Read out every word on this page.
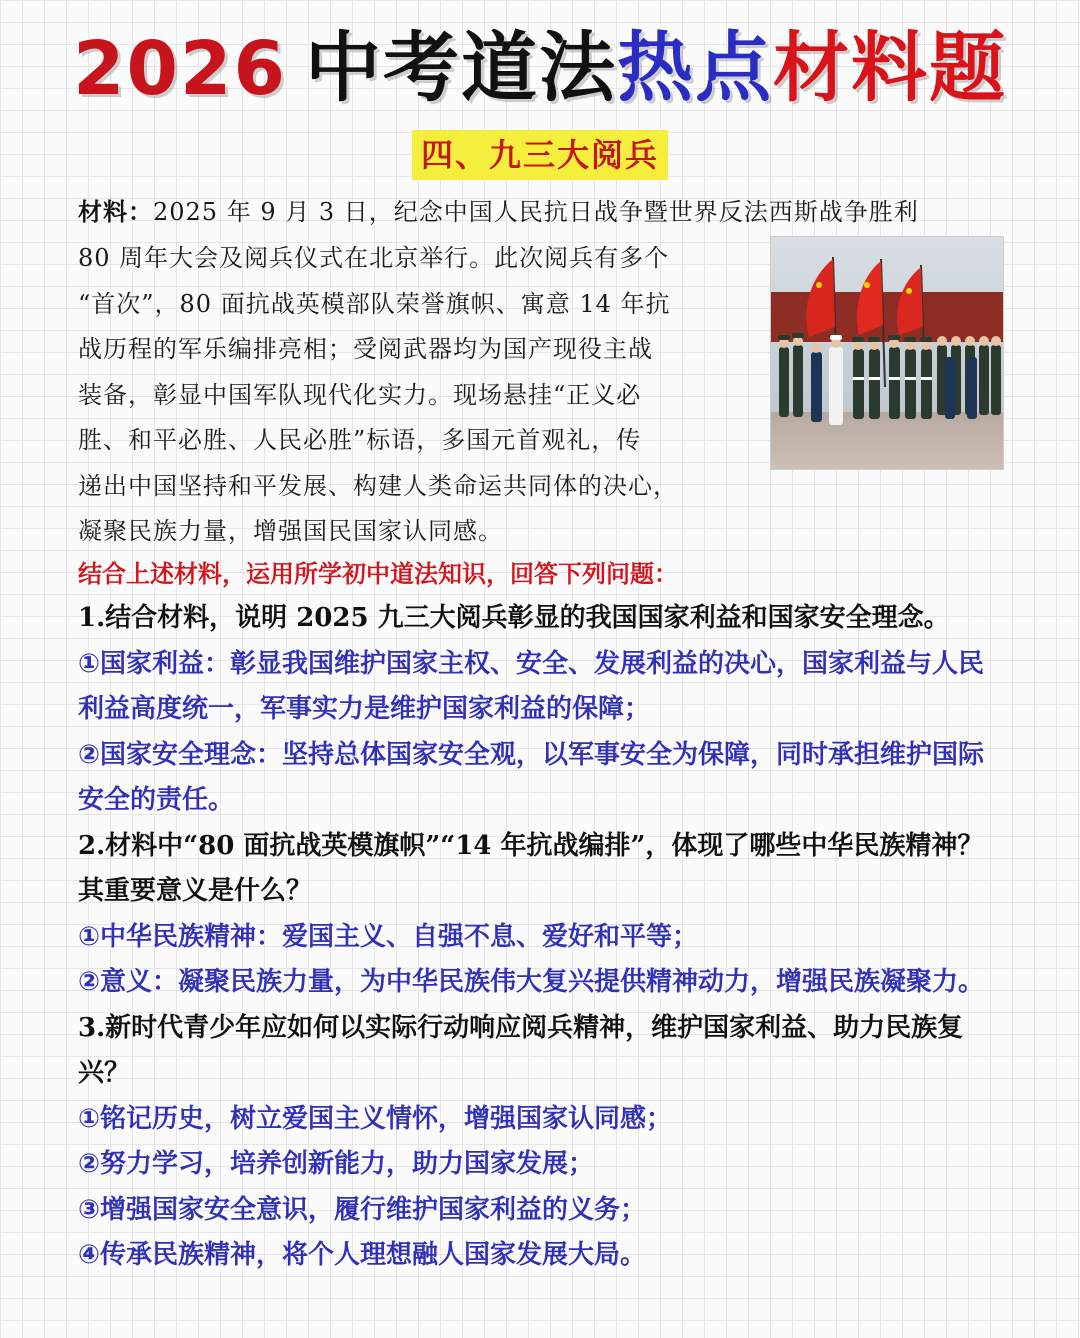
2026 中考道法热点材料题
四、九三大阅兵
材料：2025 年 9 月 3 日，纪念中国人民抗日战争暨世界反法西斯战争胜利
80 周年大会及阅兵仪式在北京举行。此次阅兵有多个
“首次”，80 面抗战英模部队荣誉旗帜、寓意 14 年抗
战历程的军乐编排亮相；受阅武器均为国产现役主战
装备，彰显中国军队现代化实力。现场悬挂“正义必
胜、和平必胜、人民必胜”标语，多国元首观礼，传
递出中国坚持和平发展、构建人类命运共同体的决心，
凝聚民族力量，增强国民国家认同感。
结合上述材料，运用所学初中道法知识，回答下列问题：
1.结合材料，说明 2025 九三大阅兵彰显的我国国家利益和国家安全理念。
①国家利益：彰显我国维护国家主权、安全、发展利益的决心，国家利益与人民利益高度统一，军事实力是维护国家利益的保障；
②国家安全理念：坚持总体国家安全观，以军事安全为保障，同时承担维护国际安全的责任。
2.材料中“80 面抗战英模旗帜”“14 年抗战编排”，体现了哪些中华民族精神？其重要意义是什么？
①中华民族精神：爱国主义、自强不息、爱好和平等；
②意义：凝聚民族力量，为中华民族伟大复兴提供精神动力，增强民族凝聚力。
3.新时代青少年应如何以实际行动响应阅兵精神，维护国家利益、助力民族复兴？
①铭记历史，树立爱国主义情怀，增强国家认同感；
②努力学习，培养创新能力，助力国家发展；
③增强国家安全意识，履行维护国家利益的义务；
④传承民族精神，将个人理想融人国家发展大局。
